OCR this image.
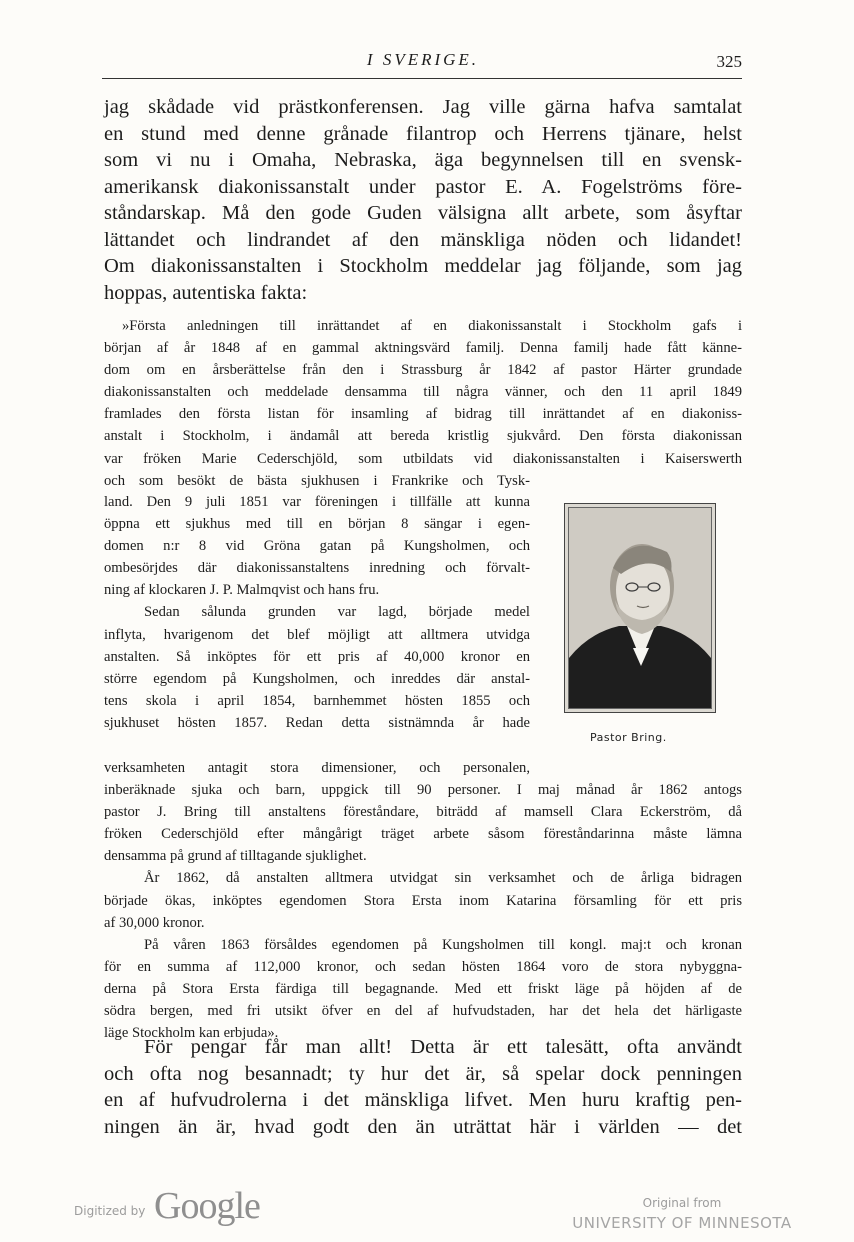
I SVERIGE.	325
jag skådade vid prästkonferensen. Jag ville gärna hafva samtalat
en stund med denne grånade filantrop och Herrens tjänare, helst
som vi nu i Omaha, Nebraska, äga begynnelsen till en svensk-
amerikansk diakonissanstalt under pastor E. A. Fogelströms före-
ståndarskap. Må den gode Guden välsigna allt arbete, som åsyftar
lättandet och lindrandet af den mänskliga nöden och lidandet!
Om diakonissanstalten i Stockholm meddelar jag följande, som jag
hoppas, autentiska fakta:
»Första anledningen till inrättandet af en diakonissanstalt i Stockholm gafs i
början af år 1848 af en gammal aktningsvärd familj. Denna familj hade fått känne-
dom om en årsberättelse från den i Strassburg år 1842 af pastor Härter grundade
diakonissanstalten och meddelade densamma till några vänner, och den 11 april 1849
framlades den första listan för insamling af bidrag till inrättandet af en diakoniss-
anstalt i Stockholm, i ändamål att bereda kristlig sjukvård. Den första diakonissan
var fröken Marie Cederschjöld, som utbildats vid diakonissanstalten i Kaiserswerth
och som besökt de bästa sjukhusen i Frankrike och Tysk-
land. Den 9 juli 1851 var föreningen i tillfälle att kunna
öppna ett sjukhus med till en början 8 sängar i egen-
domen n:r 8 vid Gröna gatan på Kungsholmen, och
ombesörjdes där diakonissanstaltens inredning och förvalt-
ning af klockaren J. P. Malmqvist och hans fru.
Sedan sålunda grunden var lagd, började medel
inflyta, hvarigenom det blef möjligt att alltmera utvidga
anstalten. Så inköptes för ett pris af 40,000 kronor en
större egendom på Kungsholmen, och inreddes där anstal-
tens skola i april 1854, barnhemmet hösten 1855 och
sjukhuset hösten 1857. Redan detta sistnämnda år hade
Pastor Bring.
verksamheten antagit stora dimensioner, och personalen,
inberäknade sjuka och barn, uppgick till 90 personer. I maj månad år 1862 antogs
pastor J. Bring till anstaltens föreståndare, biträdd af mamsell Clara Eckerström, då
fröken Cederschjöld efter mångårigt träget arbete såsom föreståndarinna måste lämna
densamma på grund af tilltagande sjuklighet.
År 1862, då anstalten alltmera utvidgat sin verksamhet och de årliga bidragen
började ökas, inköptes egendomen Stora Ersta inom Katarina församling för ett pris
af 30,000 kronor.
På våren 1863 försåldes egendomen på Kungsholmen till kongl. maj:t och kronan
för en summa af 112,000 kronor, och sedan hösten 1864 voro de stora nybyggna-
derna på Stora Ersta färdiga till begagnande. Med ett friskt läge på höjden af de
södra bergen, med fri utsikt öfver en del af hufvudstaden, har det hela det härligaste
läge Stockholm kan erbjuda».
För pengar får man allt! Detta är ett talesätt, ofta användt
och ofta nog besannadt; ty hur det är, så spelar dock penningen
en af hufvudrolerna i det mänskliga lifvet. Men huru kraftig pen-
ningen än är, hvad godt den än uträttat här i världen — det
Digitized by Google	Original from
UNIVERSITY OF MINNESOTA
